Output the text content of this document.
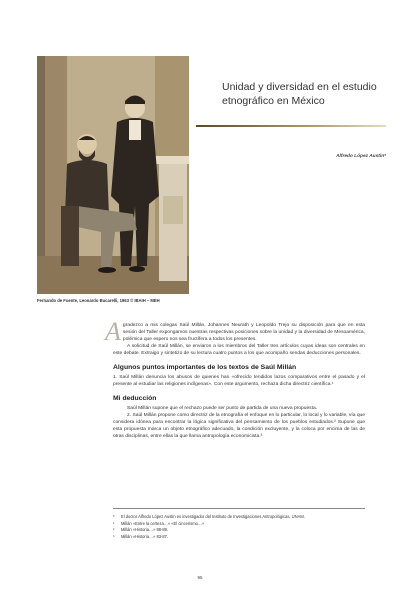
Fernando de Fuente, Leonardo Bucarelli, 1963 © IBAIH – MEH
Unidad y diversidad en el estudio etnográfico en México
Alfredo López Austin*

Agradezco a mis colegas Saúl Millán, Johannes Neurath y Leopoldo Trejo su disposición para que en esta sesión del Taller expongamos nuestras respectivas posiciones sobre la unidad y la diversidad de Mesoamérica, polémica que espero nos sea fructífera a todos los presentes.

A solicitud de Saúl Millán, se enviaron a los miembros del Taller tres artículos cuyas ideas son centrales en este debate. Extraigo y sintetizo de su lectura cuatro puntos a los que acompaño sendas deducciones personales.

Algunos puntos importantes de los textos de Saúl Millán

1. Saúl Millán denuncia los abusos de quienes han «ofrecido tendidos lazos comparativos entre el pasado y el presente al estudiar las religiones indígenas». Con este argumento, rechaza dicha directriz científica.¹

Mi deducción

Saúl Millán supone que el rechazo puede ser punto de partida de una nueva propuesta.

2. Saúl Millán propone como directriz de la etnografía el enfoque en lo particular, lo local y lo variable, vía que considera idónea para encontrar la lógica significativa del pensamiento de los pueblos estudiados.² Supone que esta propuesta marca un objeto etnográfico adecuado, la condición excluyente, y la coloca por encima de las de otras disciplinas, entre ellas la que llama antropología economicista.³

*	El doctor Alfredo López Austin es investigador del Instituto de Investigaciones Antropológicas, UNAM.
¹	Millán «Entre la certeza…» «El cincerismo…»
²	Millán «Historia…» 88-89.
³	Millán «Historia…» 83-87.
95
